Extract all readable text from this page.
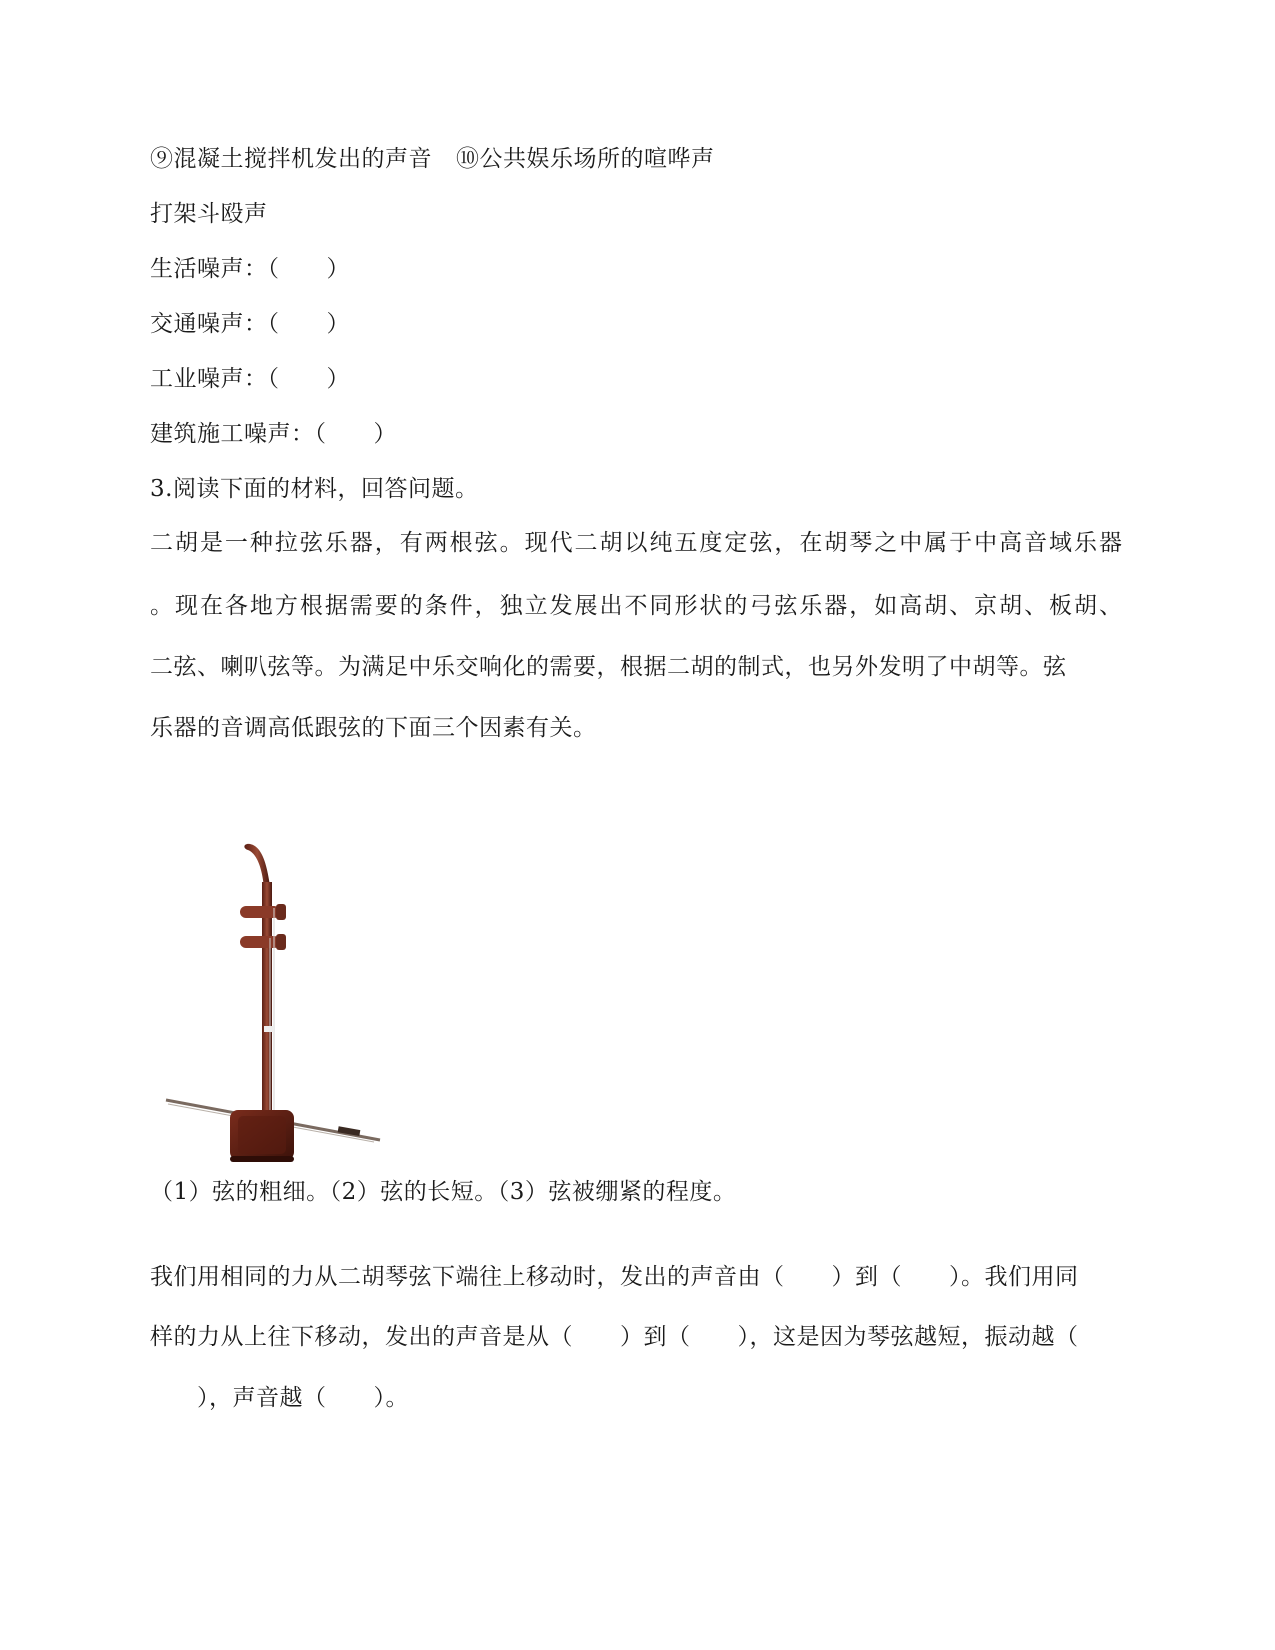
⑨混凝土搅拌机发出的声音 ⑩公共娱乐场所的喧哗声
打架斗殴声
生活噪声：（　　）
交通噪声：（　　）
工业噪声：（　　）
建筑施工噪声：（　　）
3.阅读下面的材料，回答问题。
二胡是一种拉弦乐器，有两根弦。现代二胡以纯五度定弦，在胡琴之中属于中高音域乐器
。现在各地方根据需要的条件，独立发展出不同形状的弓弦乐器，如高胡、京胡、板胡、
二弦、喇叭弦等。为满足中乐交响化的需要，根据二胡的制式，也另外发明了中胡等。弦
乐器的音调高低跟弦的下面三个因素有关。
（1）弦的粗细。（2）弦的长短。（3）弦被绷紧的程度。
我们用相同的力从二胡琴弦下端往上移动时，发出的声音由（　　）到（　　）。我们用同
样的力从上往下移动，发出的声音是从（　　）到（　　），这是因为琴弦越短，振动越（
　　），声音越（　　）。
